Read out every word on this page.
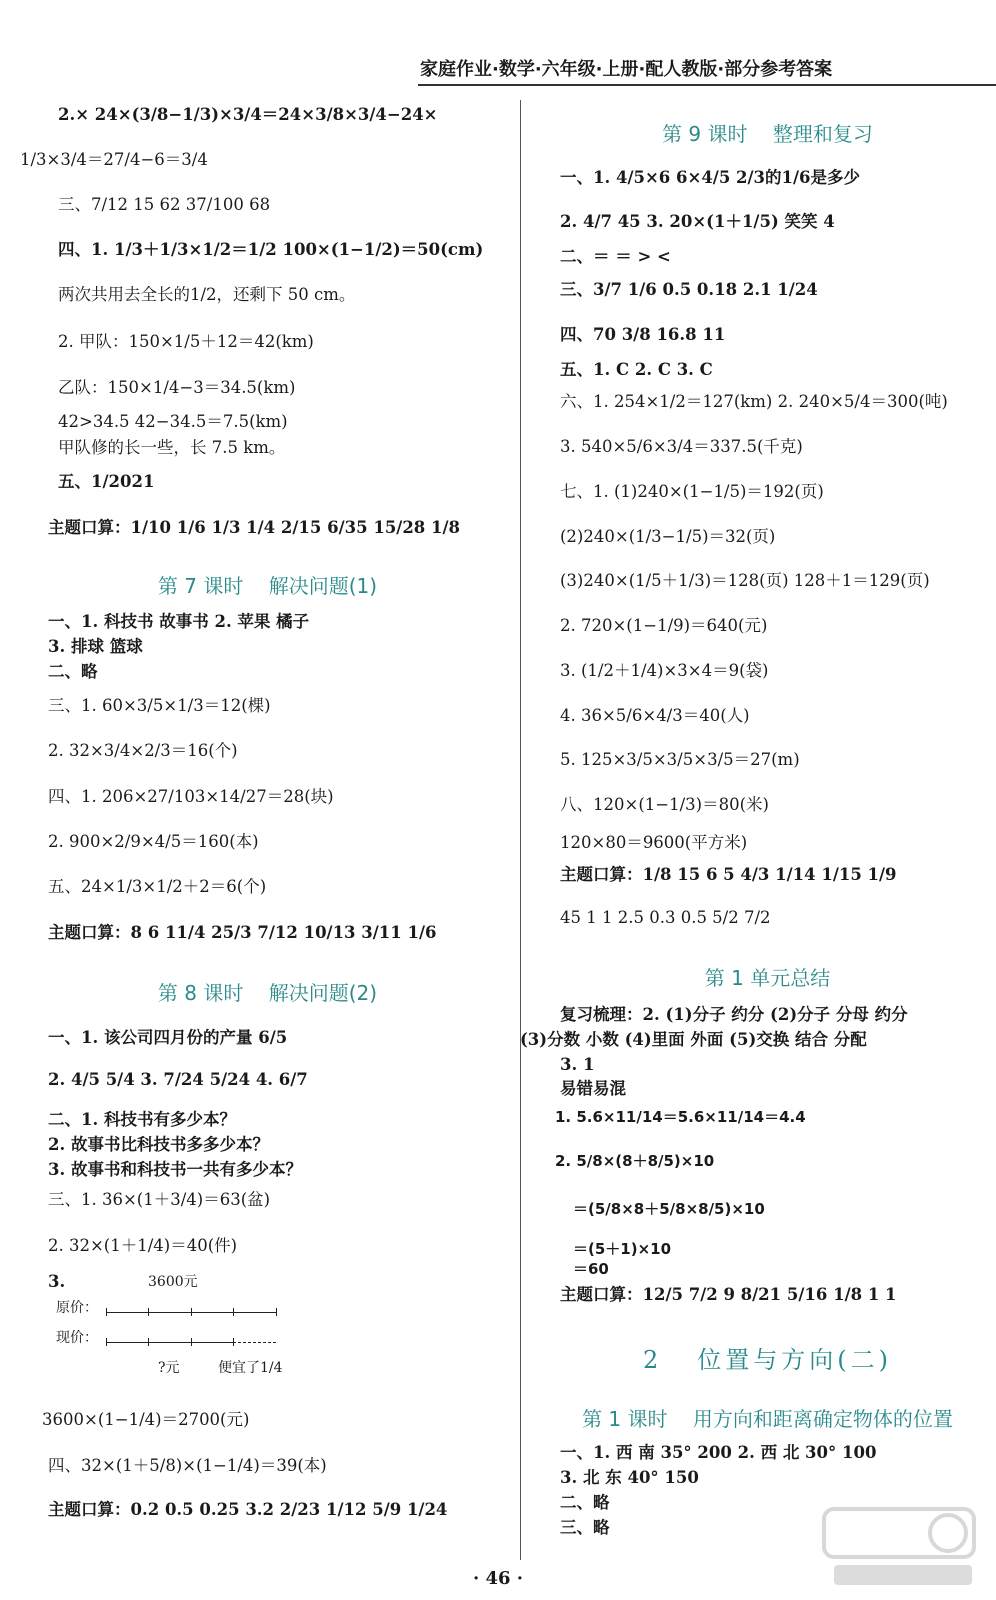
家庭作业·数学·六年级·上册·配人教版·部分参考答案
2.× 24×(3/8−1/3)×3/4＝24×3/8×3/4−24×
1/3×3/4＝27/4−6＝3/4
三、7/12 15 62 37/100 68
四、1. 1/3＋1/3×1/2＝1/2 100×(1−1/2)＝50(cm)
两次共用去全长的1/2，还剩下 50 cm。
2. 甲队：150×1/5＋12＝42(km)
乙队：150×1/4−3＝34.5(km)
42>34.5 42−34.5＝7.5(km)
甲队修的长一些，长 7.5 km。
五、1/2021
主题口算：1/10 1/6 1/3 1/4 2/15 6/35 15/28 1/8
第 7 课时    解决问题(1)
一、1. 科技书 故事书 2. 苹果 橘子
3. 排球 篮球
二、略
三、1. 60×3/5×1/3＝12(棵)
2. 32×3/4×2/3＝16(个)
四、1. 206×27/103×14/27＝28(块)
2. 900×2/9×4/5＝160(本)
五、24×1/3×1/2＋2＝6(个)
主题口算：8 6 11/4 25/3 7/12 10/13 3/11 1/6
第 8 课时    解决问题(2)
一、1. 该公司四月份的产量 6/5
2. 4/5 5/4 3. 7/24 5/24 4. 6/7
二、1. 科技书有多少本？
2. 故事书比科技书多多少本？
3. 故事书和科技书一共有多少本？
三、1. 36×(1＋3/4)＝63(盆)
2. 32×(1＋1/4)＝40(件)
3.	3600元
原价：
现价：
?元	便宜了1/4
3600×(1−1/4)＝2700(元)
四、32×(1＋5/8)×(1−1/4)＝39(本)
主题口算：0.2 0.5 0.25 3.2 2/23 1/12 5/9 1/24
第 9 课时    整理和复习
一、1. 4/5×6 6×4/5 2/3的1/6是多少
2. 4/7 45 3. 20×(1＋1/5) 笑笑 4
二、＝ ＝ > <
三、3/7 1/6 0.5 0.18 2.1 1/24
四、70 3/8 16.8 11
五、1. C 2. C 3. C
六、1. 254×1/2＝127(km) 2. 240×5/4＝300(吨)
3. 540×5/6×3/4＝337.5(千克)
七、1. (1)240×(1−1/5)＝192(页)
(2)240×(1/3−1/5)＝32(页)
(3)240×(1/5＋1/3)＝128(页) 128＋1＝129(页)
2. 720×(1−1/9)＝640(元)
3. (1/2＋1/4)×3×4＝9(袋)
4. 36×5/6×4/3＝40(人)
5. 125×3/5×3/5×3/5＝27(m)
八、120×(1−1/3)＝80(米)
120×80＝9600(平方米)
主题口算：1/8 15 6 5 4/3 1/14 1/15 1/9
45 1 1 2.5 0.3 0.5 5/2 7/2
第 1 单元总结
复习梳理：2. (1)分子 约分 (2)分子 分母 约分
(3)分数 小数 (4)里面 外面 (5)交换 结合 分配
3. 1
易错易混
1. 5.6×11/14＝5.6×11/14＝4.4
2. 5/8×(8＋8/5)×10
＝(5/8×8＋5/8×8/5)×10
＝(5＋1)×10
＝60
主题口算：12/5 7/2 9 8/21 5/16 1/8 1 1
2   位置与方向(二)
第 1 课时    用方向和距离确定物体的位置
一、1. 西 南 35° 200 2. 西 北 30° 100
3. 北 东 40° 150
二、略
三、略
· 46 ·
